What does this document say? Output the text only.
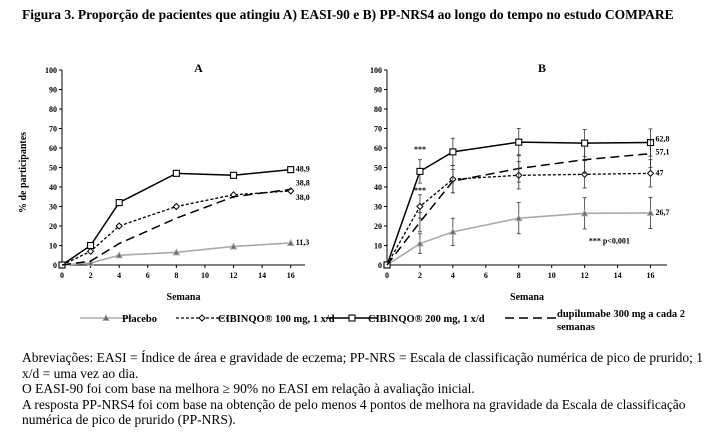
Figura 3. Proporção de pacientes que atingiu A) EASI-90 e B) PP-NRS4 ao longo do tempo no estudo COMPARE
0
10
20
30
40
50
60
70
80
90
100
0	2	4	6	8	10	12	14	16
A
Semana
% de participantes
11,3
38,0
48,9
38,8
0
10
20
30
40
50
60
70
80
90
100
0	2	4	6	8	10	12	14	16
B
Semana
26,7
47
62,8
57,1
***
***
*** p<0,001
Placebo	CIBINQO® 100 mg, 1 x/d	CIBINQO® 200 mg, 1 x/d	dupilumabe 300 mg a cada 2 semanas

Abreviações: EASI = Índice de área e gravidade de eczema; PP-NRS = Escala de classificação numérica de pico de prurido; 1 x/d = uma vez ao dia.

O EASI-90 foi com base na melhora ≥ 90% no EASI em relação à avaliação inicial.

A resposta PP-NRS4 foi com base na obtenção de pelo menos 4 pontos de melhora na gravidade da Escala de classificação numérica de pico de prurido (PP-NRS).
